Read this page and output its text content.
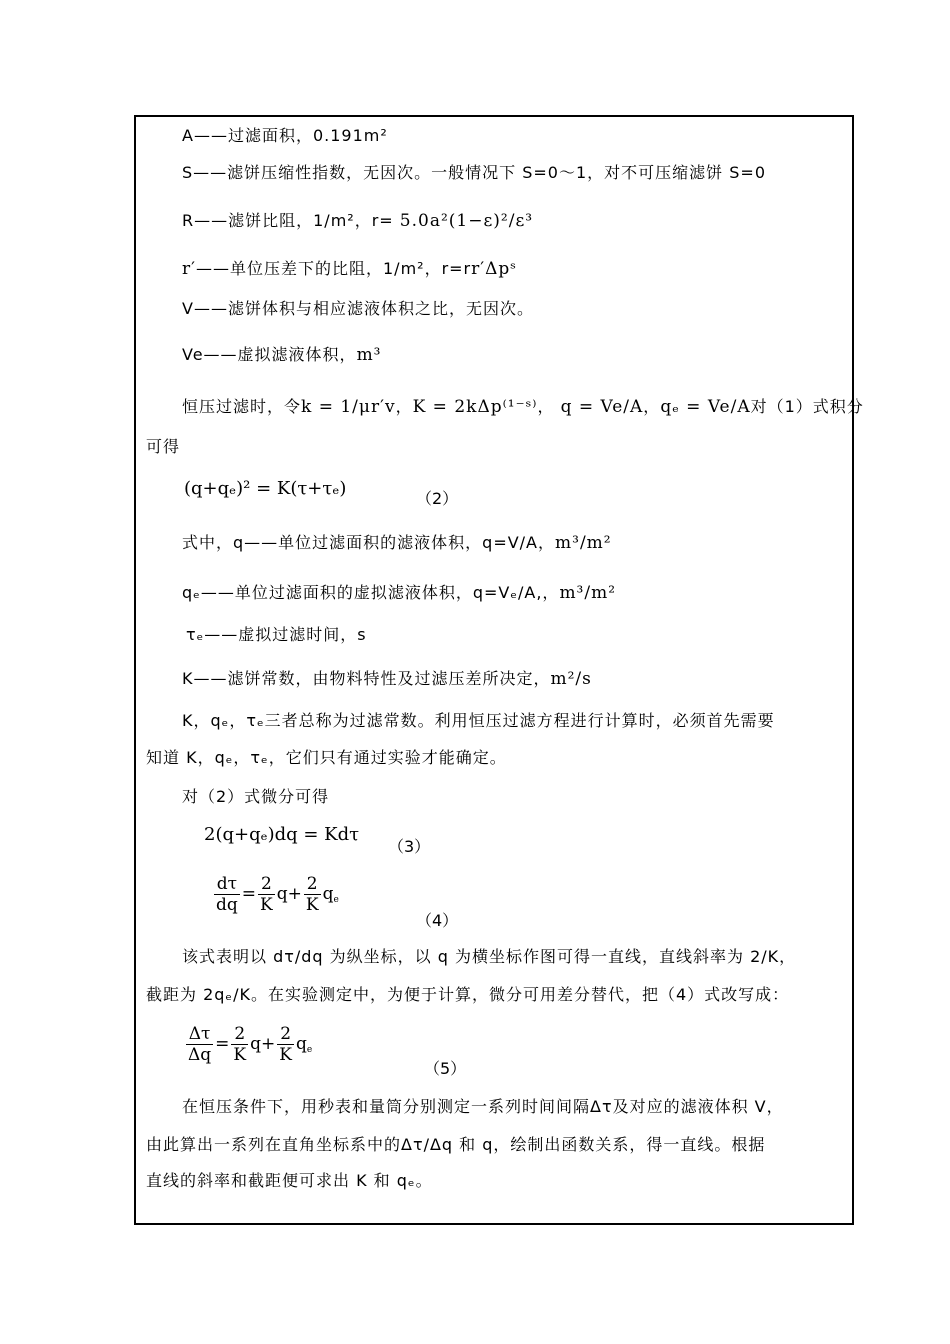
A——过滤面积，0.191m²
S——滤饼压缩性指数，无因次。一般情况下 S=0～1，对不可压缩滤饼 S=0
R——滤饼比阻，1/m²，r= 5.0a²(1−ε)²/ε³
r′——单位压差下的比阻，1/m²，r=rr′Δpˢ
V——滤饼体积与相应滤液体积之比，无因次。
Ve——虚拟滤液体积，m³
恒压过滤时，令k = 1/μr′v，K = 2kΔp⁽¹⁻ˢ⁾， q = Ve/A，qₑ = Ve/A对（1）式积分
可得
(q+qₑ)² = K(τ+τₑ)	（2）
式中，q——单位过滤面积的滤液体积，q=V/A，m³/m²
qₑ——单位过滤面积的虚拟滤液体积，q=Vₑ/A,，m³/m²
τₑ——虚拟过滤时间，s
K——滤饼常数，由物料特性及过滤压差所决定，m²/s
K，qₑ，τₑ三者总称为过滤常数。利用恒压过滤方程进行计算时，必须首先需要
知道 K，qₑ，τₑ，它们只有通过实验才能确定。
对（2）式微分可得
2(q+qₑ)dq = Kdτ
（3）
$\frac{d\tau}{dq} = \frac{2}{K} q+ \frac{2}{K} q_e$
（4）
该式表明以 dτ/dq 为纵坐标，以 q 为横坐标作图可得一直线，直线斜率为 2/K，
截距为 2qₑ/K。在实验测定中，为便于计算，微分可用差分替代，把（4）式改写成：
$\frac{\Delta\tau}{\Delta q} = \frac{2}{K} q+ \frac{2}{K} q_e$
（5）
在恒压条件下，用秒表和量筒分别测定一系列时间间隔Δτ及对应的滤液体积 V，
由此算出一系列在直角坐标系中的Δτ/Δq 和 q，绘制出函数关系，得一直线。根据
直线的斜率和截距便可求出 K 和 qₑ。
